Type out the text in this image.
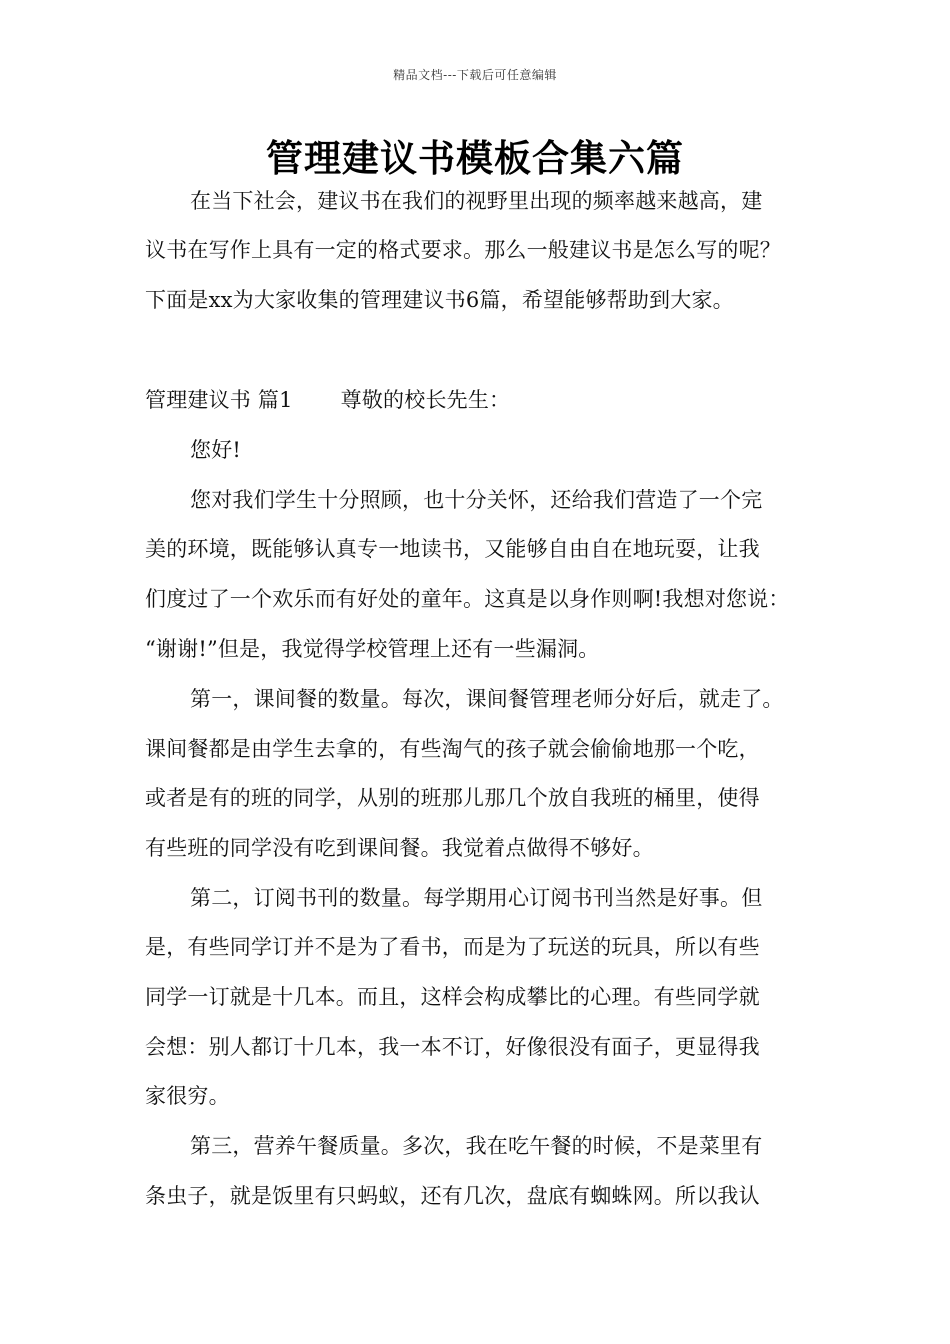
精品文档---下载后可任意编辑
管理建议书模板合集六篇
在当下社会，建议书在我们的视野里出现的频率越来越高，建
议书在写作上具有一定的格式要求。那么一般建议书是怎么写的呢？
下面是xx为大家收集的管理建议书6篇，希望能够帮助到大家。
管理建议书 篇1 尊敬的校长先生：
您好!
您对我们学生十分照顾，也十分关怀，还给我们营造了一个完
美的环境，既能够认真专一地读书，又能够自由自在地玩耍，让我
们度过了一个欢乐而有好处的童年。这真是以身作则啊!我想对您说：
“谢谢!”但是，我觉得学校管理上还有一些漏洞。
第一，课间餐的数量。每次，课间餐管理老师分好后，就走了。
课间餐都是由学生去拿的，有些淘气的孩子就会偷偷地那一个吃，
或者是有的班的同学，从别的班那儿那几个放自我班的桶里，使得
有些班的同学没有吃到课间餐。我觉着点做得不够好。
第二，订阅书刊的数量。每学期用心订阅书刊当然是好事。但
是，有些同学订并不是为了看书，而是为了玩送的玩具，所以有些
同学一订就是十几本。而且，这样会构成攀比的心理。有些同学就
会想：别人都订十几本，我一本不订，好像很没有面子，更显得我
家很穷。
第三，营养午餐质量。多次，我在吃午餐的时候，不是菜里有
条虫子，就是饭里有只蚂蚁，还有几次，盘底有蜘蛛网。所以我认
